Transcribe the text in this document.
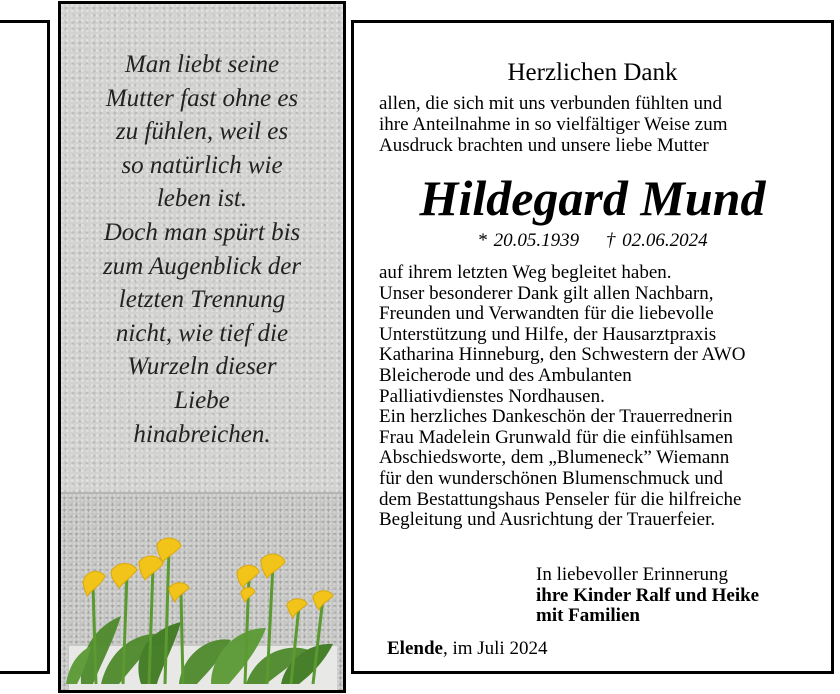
Man liebt seine
Mutter fast ohne es
zu fühlen, weil es
so natürlich wie
leben ist.
Doch man spürt bis
zum Augenblick der
letzten Trennung
nicht, wie tief die
Wurzeln dieser
Liebe
hinabreichen.

Herzlichen Dank
allen, die sich mit uns verbunden fühlten und
ihre Anteilnahme in so vielfältiger Weise zum
Ausdruck brachten und unsere liebe Mutter
Hildegard Mund
* 20.05.1939 † 02.06.2024
auf ihrem letzten Weg begleitet haben.
Unser besonderer Dank gilt allen Nachbarn,
Freunden und Verwandten für die liebevolle
Unterstützung und Hilfe, der Hausarztpraxis
Katharina Hinneburg, den Schwestern der AWO
Bleicherode und des Ambulanten
Palliativdienstes Nordhausen.
Ein herzliches Dankeschön der Trauerrednerin
Frau Madelein Grunwald für die einfühlsamen
Abschiedsworte, dem „Blumeneck” Wiemann
für den wunderschönen Blumenschmuck und
dem Bestattungshaus Penseler für die hilfreiche
Begleitung und Ausrichtung der Trauerfeier.
In liebevoller Erinnerung
ihre Kinder Ralf und Heike
mit Familien
Elende, im Juli 2024
